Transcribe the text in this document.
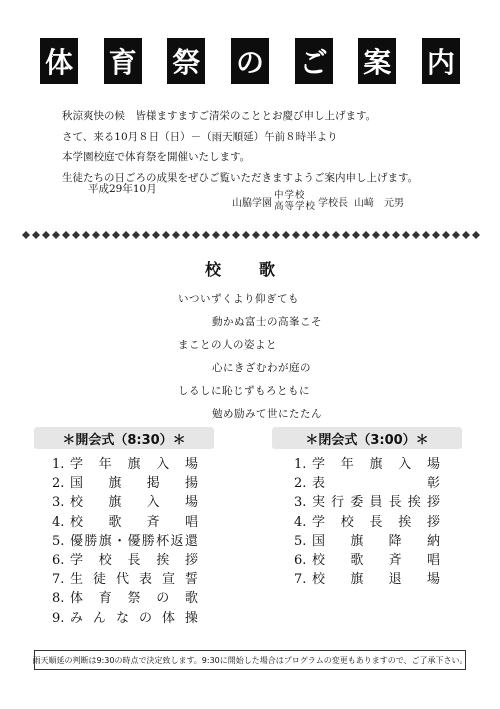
体 育 祭 の ご 案 内
秋涼爽快の候　皆様ますますご清栄のこととお慶び申し上げます。
さて、来る10月８日（日）－（雨天順延）午前８時半より
本学園校庭で体育祭を開催いたします。
生徒たちの日ごろの成果をぜひご覧いただきますようご案内申し上げます。
平成29年10月
山脇学園
中学校
高等学校 学校長 山﨑　元男
校歌
いついずくより仰ぎても
動かぬ富士の高峯こそ
まことの人の姿よと
心にきざむわが庭の
しるしに恥じずもろともに
勉め励みて世にたたん
＊開会式（8:30）＊	＊閉会式（3:00）＊
1. 学 年 旗 入 場
2. 国 旗 掲 揚
3. 校 旗 入 場
4. 校 歌 斉 唱
5. 優 勝 旗 ・ 優 勝 杯 返 還
6. 学 校 長 挨 拶
7. 生 徒 代 表 宣 誓
8. 体 育 祭 の 歌
9. み ん な の 体 操
1. 学 年 旗 入 場
2. 表	彰
3. 実 行 委 員 長 挨 拶
4. 学 校 長 挨 拶
5. 国 旗 降 納
6. 校 歌 斉 唱
7. 校 旗 退 場
雨天順延の判断は9:30の時点で決定致します。9:30に開始した場合はプログラムの変更もありますので、ご了承下さい。
